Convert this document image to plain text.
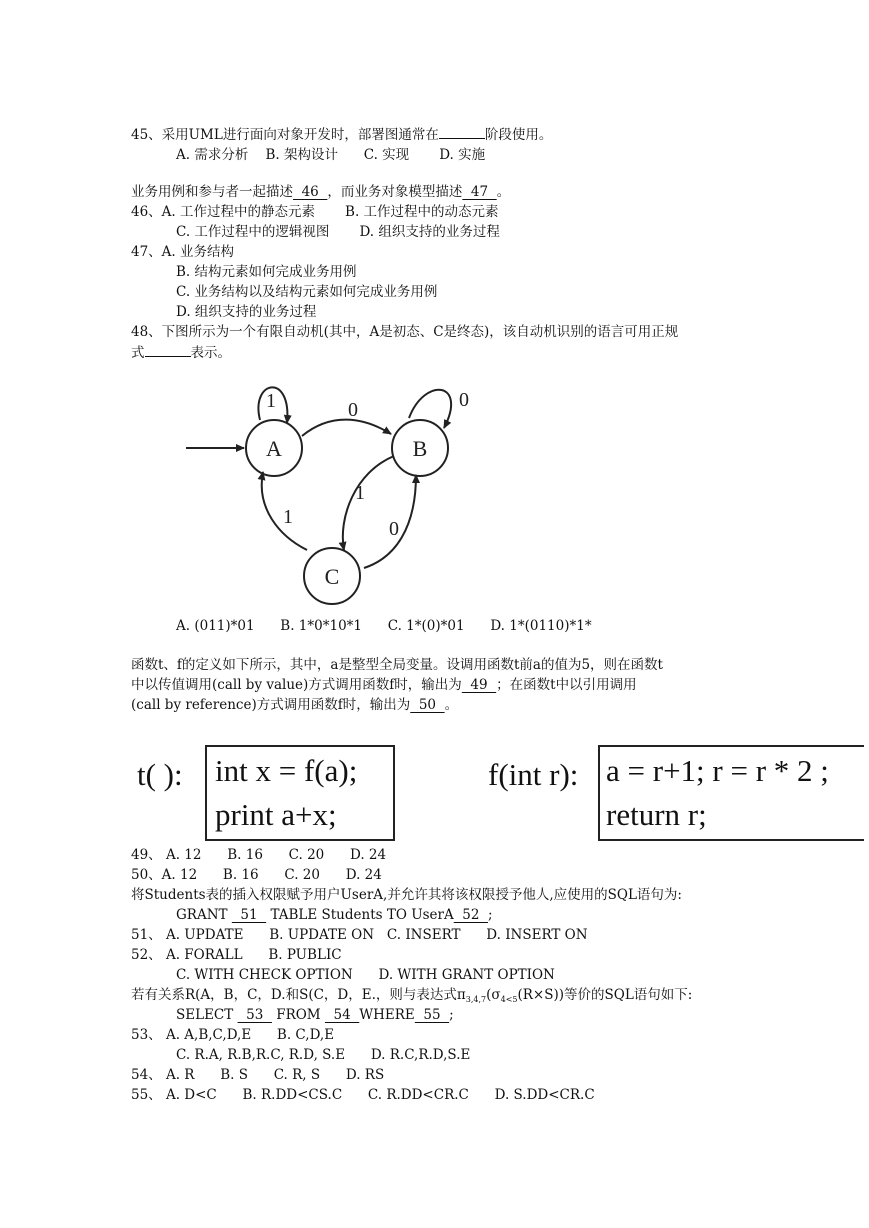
45、采用UML进行面向对象开发时，部署图通常在	阶段使用。
A. 需求分析    B. 架构设计      C. 实现       D. 实施
业务用例和参与者一起描述  46  ，而业务对象模型描述  47  。
46、A. 工作过程中的静态元素       B. 工作过程中的动态元素
C. 工作过程中的逻辑视图       D. 组织支持的业务过程
47、A. 业务结构
B. 结构元素如何完成业务用例
C. 业务结构以及结构元素如何完成业务用例
D. 组织支持的业务过程
48、下图所示为一个有限自动机(其中，A是初态、C是终态)，该自动机识别的语言可用正规
式	表示。
A	B
C
1	0	0
1
1
0
A. (011)*01      B. 1*0*10*1      C. 1*(0)*01      D. 1*(0110)*1*
函数t、f的定义如下所示，其中，a是整型全局变量。设调用函数t前a的值为5，则在函数t
中以传值调用(call by value)方式调用函数f时，输出为  49  ；在函数t中以引用调用
(call by reference)方式调用函数f时，输出为  50  。
t( ): int x = f(a);
print a+x;
f(int r): a = r+1; r = r * 2 ;
return r;
49、 A. 12      B. 16      C. 20      D. 24
50、A. 12      B. 16      C. 20      D. 24
将Students表的插入权限赋予用户UserA,并允许其将该权限授予他人,应使用的SQL语句为:
GRANT   51   TABLE Students TO UserA  52  ;
51、 A. UPDATE      B. UPDATE ON   C. INSERT      D. INSERT ON
52、 A. FORALL      B. PUBLIC
C. WITH CHECK OPTION      D. WITH GRANT OPTION
若有关系R(A，B，C，D.和S(C，D，E.，则与表达式$\pi_{3,4,7}(\sigma_{4<5}(R\times S))$等价的SQL语句如下:
SELECT   53   FROM   54  WHERE  55  ;
53、 A. A,B,C,D,E      B. C,D,E
C. R.A, R.B,R.C, R.D, S.E      D. R.C,R.D,S.E
54、 A. R      B. S      C. R, S      D. RS
55、 A. D<C      B. R.DD<CS.C      C. R.DD<CR.C      D. S.DD<CR.C
